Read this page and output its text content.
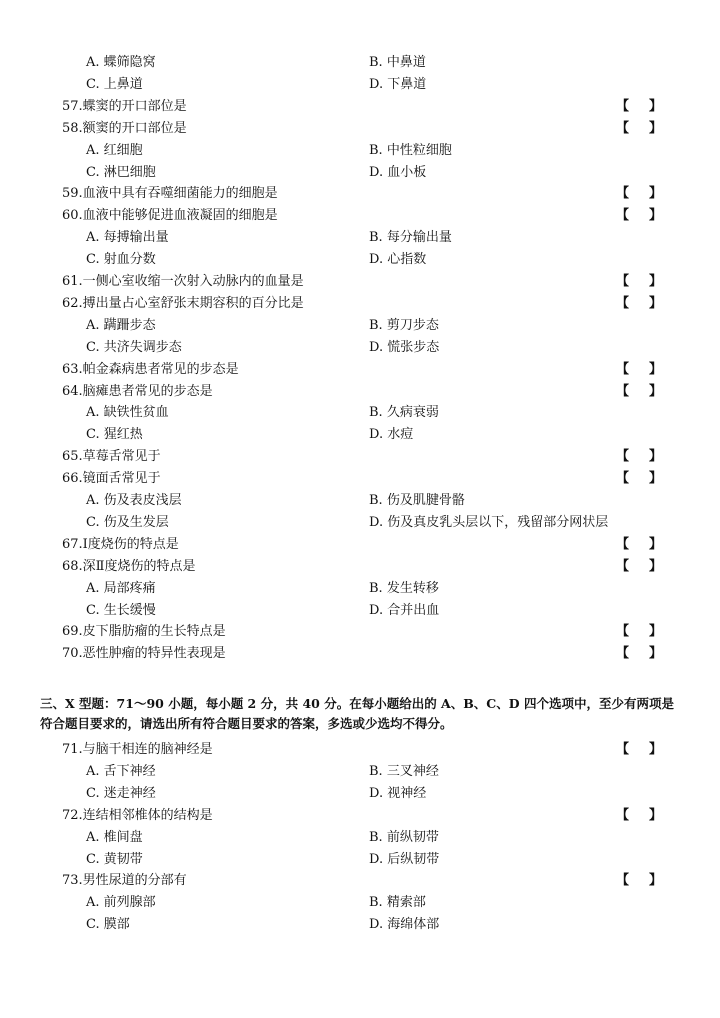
A. 蝶筛隐窝	B. 中鼻道
C. 上鼻道	D. 下鼻道
57.蝶窦的开口部位是	【 】
58.额窦的开口部位是	【 】
A. 红细胞	B. 中性粒细胞
C. 淋巴细胞	D. 血小板
59.血液中具有吞噬细菌能力的细胞是	【 】
60.血液中能够促进血液凝固的细胞是	【 】
A. 每搏输出量	B. 每分输出量
C. 射血分数	D. 心指数
61.一侧心室收缩一次射入动脉内的血量是	【 】
62.搏出量占心室舒张末期容积的百分比是	【 】
A. 蹒跚步态	B. 剪刀步态
C. 共济失调步态	D. 慌张步态
63.帕金森病患者常见的步态是	【 】
64.脑瘫患者常见的步态是	【 】
A. 缺铁性贫血	B. 久病衰弱
C. 猩红热	D. 水痘
65.草莓舌常见于	【 】
66.镜面舌常见于	【 】
A. 伤及表皮浅层	B. 伤及肌腱骨骼
C. 伤及生发层	D. 伤及真皮乳头层以下，残留部分网状层
67.Ⅰ度烧伤的特点是	【 】
68.深Ⅱ度烧伤的特点是	【 】
A. 局部疼痛	B. 发生转移
C. 生长缓慢	D. 合并出血
69.皮下脂肪瘤的生长特点是	【 】
70.恶性肿瘤的特异性表现是	【 】
71.与脑干相连的脑神经是	【 】
A. 舌下神经	B. 三叉神经
C. 迷走神经	D. 视神经
72.连结相邻椎体的结构是	【 】
A. 椎间盘	B. 前纵韧带
C. 黄韧带	D. 后纵韧带
73.男性尿道的分部有	【 】
A. 前列腺部	B. 精索部
C. 膜部	D. 海绵体部
三、X 型题：71～90 小题，每小题 2 分，共 40 分。在每小题给出的 A、B、C、D 四个选项中，至少有两项是符合题目要求的，请选出所有符合题目要求的答案，多选或少选均不得分。
